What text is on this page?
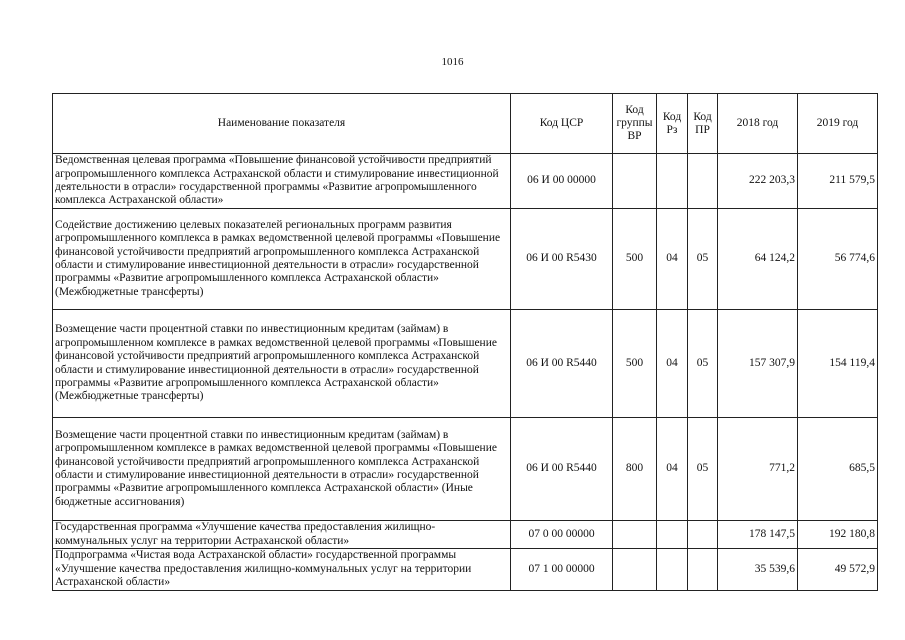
1016
Наименование показателя	Код ЦСР	Код группы ВР	Код Рз	Код ПР	2018 год	2019 год
Ведомственная целевая программа «Повышение финансовой устойчивости предприятий агропромышленного комплекса Астраханской области и стимулирование инвестиционной деятельности в отрасли» государственной программы «Развитие агропромышленного комплекса Астраханской области»	06 И 00 00000				222 203,3	211 579,5
Содействие достижению целевых показателей региональных программ развития агропромышленного комплекса в рамках ведомственной целевой программы «Повышение финансовой устойчивости предприятий агропромышленного комплекса Астраханской области и стимулирование инвестиционной деятельности в отрасли» государственной программы «Развитие агропромышленного комплекса Астраханской области» (Межбюджетные трансферты)	06 И 00 R5430	500	04	05	64 124,2	56 774,6
Возмещение части процентной ставки по инвестиционным кредитам (займам) в агропромышленном комплексе в рамках ведомственной целевой программы «Повышение финансовой устойчивости предприятий агропромышленного комплекса Астраханской области и стимулирование инвестиционной деятельности в отрасли» государственной программы «Развитие агропромышленного комплекса Астраханской области» (Межбюджетные трансферты)	06 И 00 R5440	500	04	05	157 307,9	154 119,4
Возмещение части процентной ставки по инвестиционным кредитам (займам) в агропромышленном комплексе в рамках ведомственной целевой программы «Повышение финансовой устойчивости предприятий агропромышленного комплекса Астраханской области и стимулирование инвестиционной деятельности в отрасли» государственной программы «Развитие агропромышленного комплекса Астраханской области» (Иные бюджетные ассигнования)	06 И 00 R5440	800	04	05	771,2	685,5
Государственная программа «Улучшение качества предоставления жилищно-коммунальных услуг на территории Астраханской области»	07 0 00 00000				178 147,5	192 180,8
Подпрограмма «Чистая вода Астраханской области» государственной программы «Улучшение качества предоставления жилищно-коммунальных услуг на территории Астраханской области»	07 1 00 00000				35 539,6	49 572,9
